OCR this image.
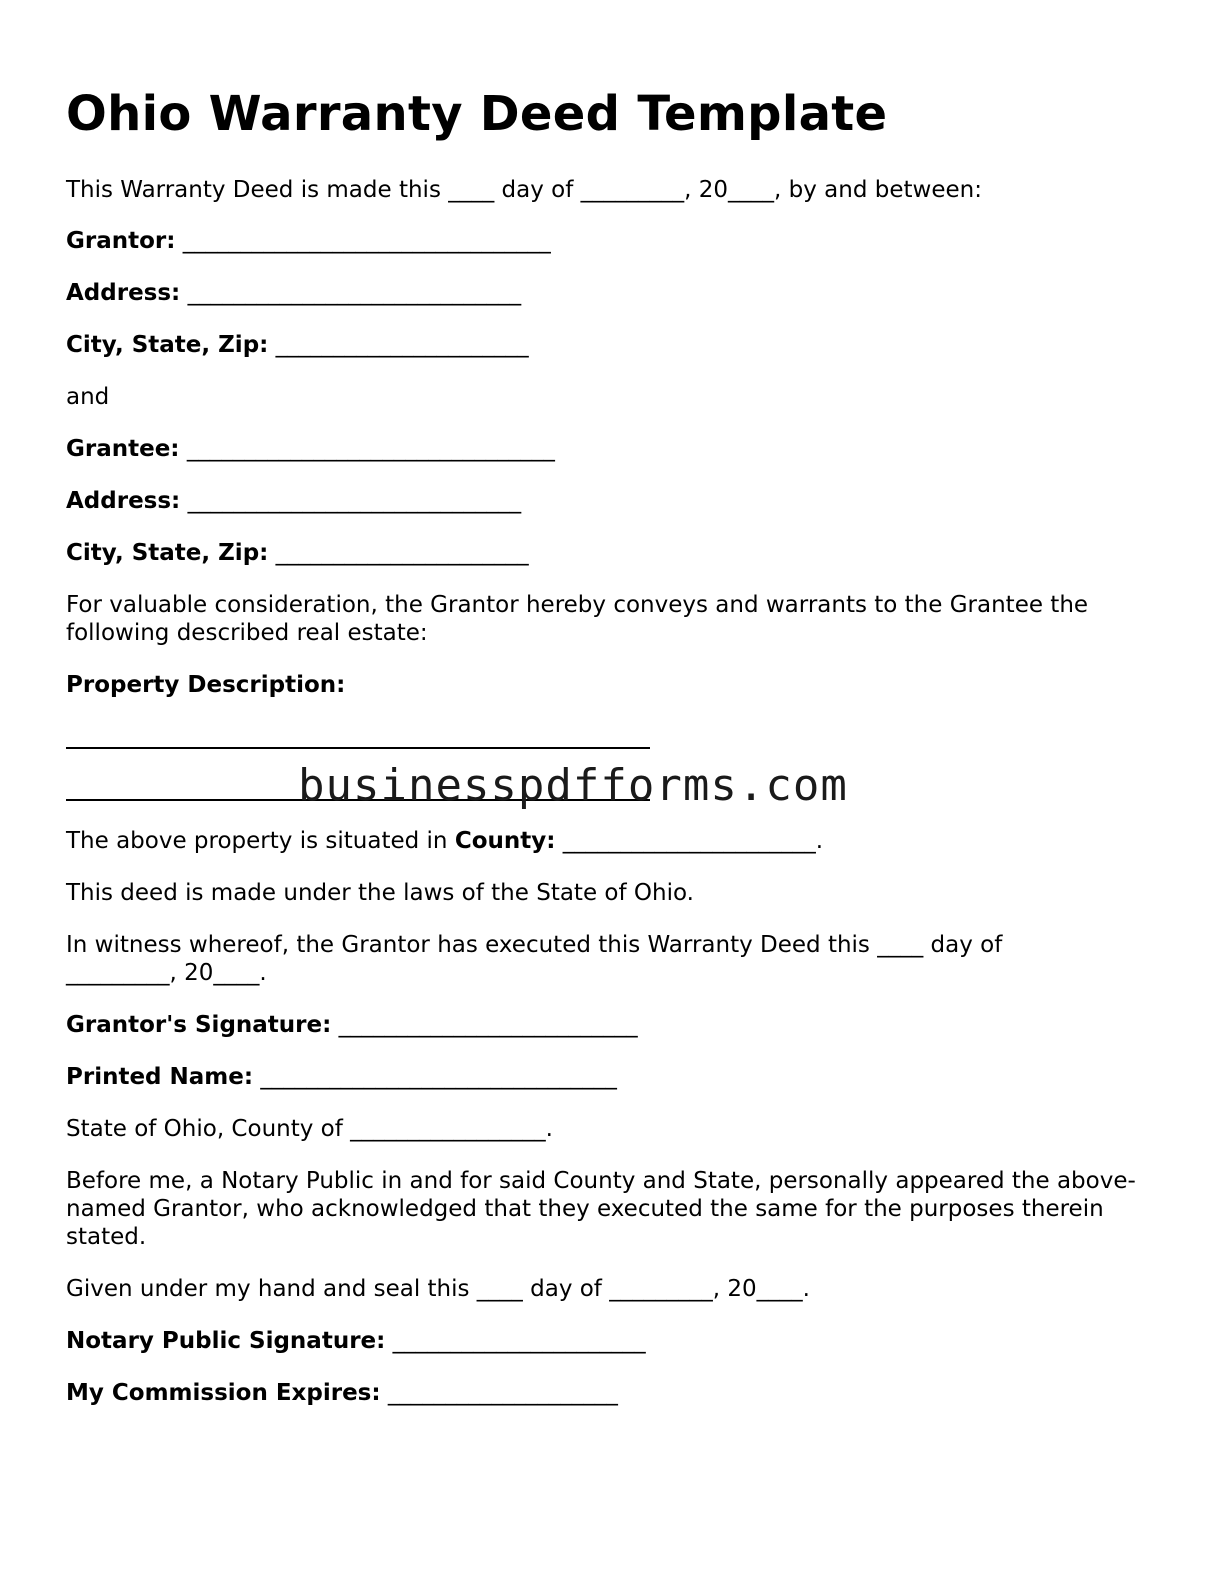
Ohio Warranty Deed Template
This Warranty Deed is made this ____ day of _________, 20____, by and between:
Grantor: ________________________________
Address: _____________________________
City, State, Zip: ______________________
and
Grantee: ________________________________
Address: _____________________________
City, State, Zip: ______________________
For valuable consideration, the Grantor hereby conveys and warrants to the Grantee the following described real estate:
Property Description:
businesspdfforms.com
The above property is situated in County: ______________________.
This deed is made under the laws of the State of Ohio.
In witness whereof, the Grantor has executed this Warranty Deed this ____ day of _________, 20____.
Grantor's Signature: __________________________
Printed Name: _______________________________
State of Ohio, County of _________________.
Before me, a Notary Public in and for said County and State, personally appeared the above-named Grantor, who acknowledged that they executed the same for the purposes therein stated.
Given under my hand and seal this ____ day of _________, 20____.
Notary Public Signature: ______________________
My Commission Expires: ____________________
